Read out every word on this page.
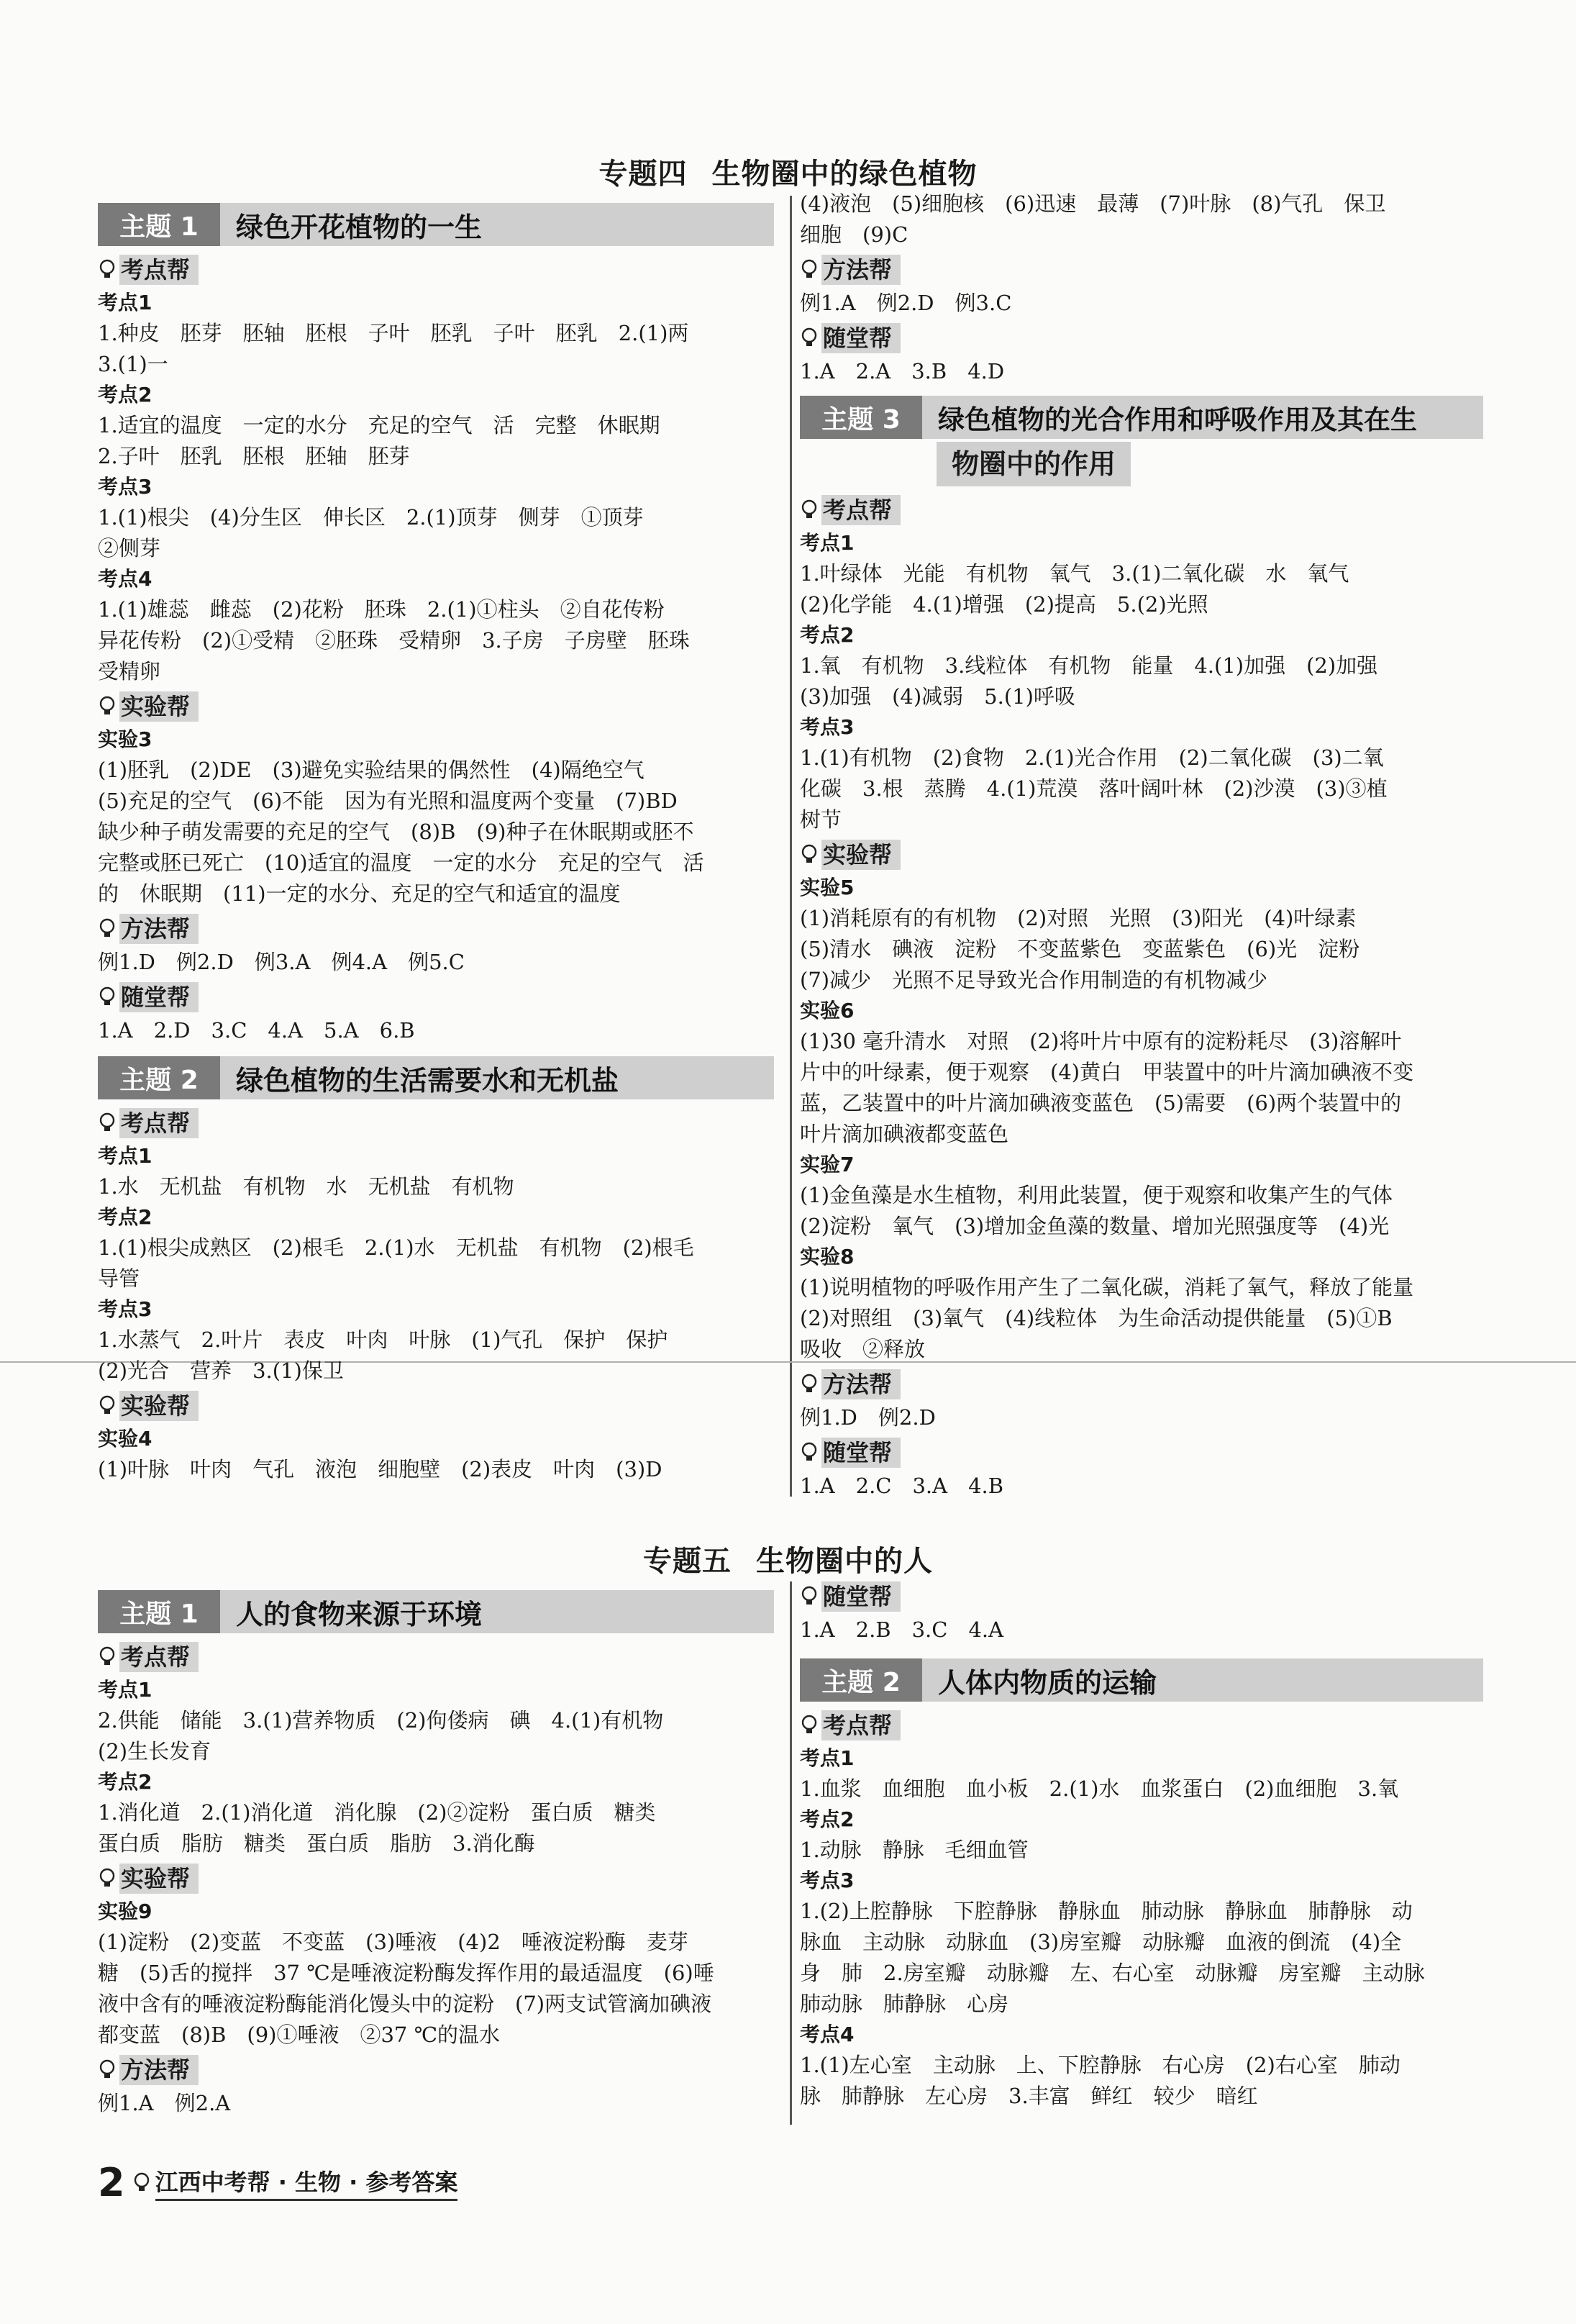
专题四 生物圈中的绿色植物
主题 1	绿色开花植物的一生
考点帮
考点1
1.种皮　胚芽　胚轴　胚根　子叶　胚乳　子叶　胚乳　2.(1)两
3.(1)一
考点2
1.适宜的温度　一定的水分　充足的空气　活　完整　休眠期
2.子叶　胚乳　胚根　胚轴　胚芽
考点3
1.(1)根尖　(4)分生区　伸长区　2.(1)顶芽　侧芽　①顶芽
②侧芽
考点4
1.(1)雄蕊　雌蕊　(2)花粉　胚珠　2.(1)①柱头　②自花传粉
异花传粉　(2)①受精　②胚珠　受精卵　3.子房　子房壁　胚珠
受精卵
实验帮
实验3
(1)胚乳　(2)DE　(3)避免实验结果的偶然性　(4)隔绝空气
(5)充足的空气　(6)不能　因为有光照和温度两个变量　(7)BD
缺少种子萌发需要的充足的空气　(8)B　(9)种子在休眠期或胚不
完整或胚已死亡　(10)适宜的温度　一定的水分　充足的空气　活
的　休眠期　(11)一定的水分、充足的空气和适宜的温度
方法帮
例1.D　例2.D　例3.A　例4.A　例5.C
随堂帮
1.A　2.D　3.C　4.A　5.A　6.B
主题 2	绿色植物的生活需要水和无机盐
考点帮
考点1
1.水　无机盐　有机物　水　无机盐　有机物
考点2
1.(1)根尖成熟区　(2)根毛　2.(1)水　无机盐　有机物　(2)根毛
导管
考点3
1.水蒸气　2.叶片　表皮　叶肉　叶脉　(1)气孔　保护　保护
(2)光合　营养　3.(1)保卫
实验帮
实验4
(1)叶脉　叶肉　气孔　液泡　细胞壁　(2)表皮　叶肉　(3)D
(4)液泡　(5)细胞核　(6)迅速　最薄　(7)叶脉　(8)气孔　保卫
细胞　(9)C
方法帮
例1.A　例2.D　例3.C
随堂帮
1.A　2.A　3.B　4.D
主题 3	绿色植物的光合作用和呼吸作用及其在生
物圈中的作用
考点帮
考点1
1.叶绿体　光能　有机物　氧气　3.(1)二氧化碳　水　氧气
(2)化学能　4.(1)增强　(2)提高　5.(2)光照
考点2
1.氧　有机物　3.线粒体　有机物　能量　4.(1)加强　(2)加强
(3)加强　(4)减弱　5.(1)呼吸
考点3
1.(1)有机物　(2)食物　2.(1)光合作用　(2)二氧化碳　(3)二氧
化碳　3.根　蒸腾　4.(1)荒漠　落叶阔叶林　(2)沙漠　(3)③植
树节
实验帮
实验5
(1)消耗原有的有机物　(2)对照　光照　(3)阳光　(4)叶绿素
(5)清水　碘液　淀粉　不变蓝紫色　变蓝紫色　(6)光　淀粉
(7)减少　光照不足导致光合作用制造的有机物减少
实验6
(1)30 毫升清水　对照　(2)将叶片中原有的淀粉耗尽　(3)溶解叶
片中的叶绿素，便于观察　(4)黄白　甲装置中的叶片滴加碘液不变
蓝，乙装置中的叶片滴加碘液变蓝色　(5)需要　(6)两个装置中的
叶片滴加碘液都变蓝色
实验7
(1)金鱼藻是水生植物，利用此装置，便于观察和收集产生的气体
(2)淀粉　氧气　(3)增加金鱼藻的数量、增加光照强度等　(4)光
实验8
(1)说明植物的呼吸作用产生了二氧化碳，消耗了氧气，释放了能量
(2)对照组　(3)氧气　(4)线粒体　为生命活动提供能量　(5)①B
吸收　②释放
方法帮
例1.D　例2.D
随堂帮
1.A　2.C　3.A　4.B
专题五 生物圈中的人
主题 1	人的食物来源于环境
考点帮
考点1
2.供能　储能　3.(1)营养物质　(2)佝偻病　碘　4.(1)有机物
(2)生长发育
考点2
1.消化道　2.(1)消化道　消化腺　(2)②淀粉　蛋白质　糖类
蛋白质　脂肪　糖类　蛋白质　脂肪　3.消化酶
实验帮
实验9
(1)淀粉　(2)变蓝　不变蓝　(3)唾液　(4)2　唾液淀粉酶　麦芽
糖　(5)舌的搅拌　37 ℃是唾液淀粉酶发挥作用的最适温度　(6)唾
液中含有的唾液淀粉酶能消化馒头中的淀粉　(7)两支试管滴加碘液
都变蓝　(8)B　(9)①唾液　②37 ℃的温水
方法帮
例1.A　例2.A
随堂帮
1.A　2.B　3.C　4.A
主题 2	人体内物质的运输
考点帮
考点1
1.血浆　血细胞　血小板　2.(1)水　血浆蛋白　(2)血细胞　3.氧
考点2
1.动脉　静脉　毛细血管
考点3
1.(2)上腔静脉　下腔静脉　静脉血　肺动脉　静脉血　肺静脉　动
脉血　主动脉　动脉血　(3)房室瓣　动脉瓣　血液的倒流　(4)全
身　肺　2.房室瓣　动脉瓣　左、右心室　动脉瓣　房室瓣　主动脉
肺动脉　肺静脉　心房
考点4
1.(1)左心室　主动脉　上、下腔静脉　右心房　(2)右心室　肺动
脉　肺静脉　左心房　3.丰富　鲜红　较少　暗红
2 江西中考帮 · 生物 · 参考答案
